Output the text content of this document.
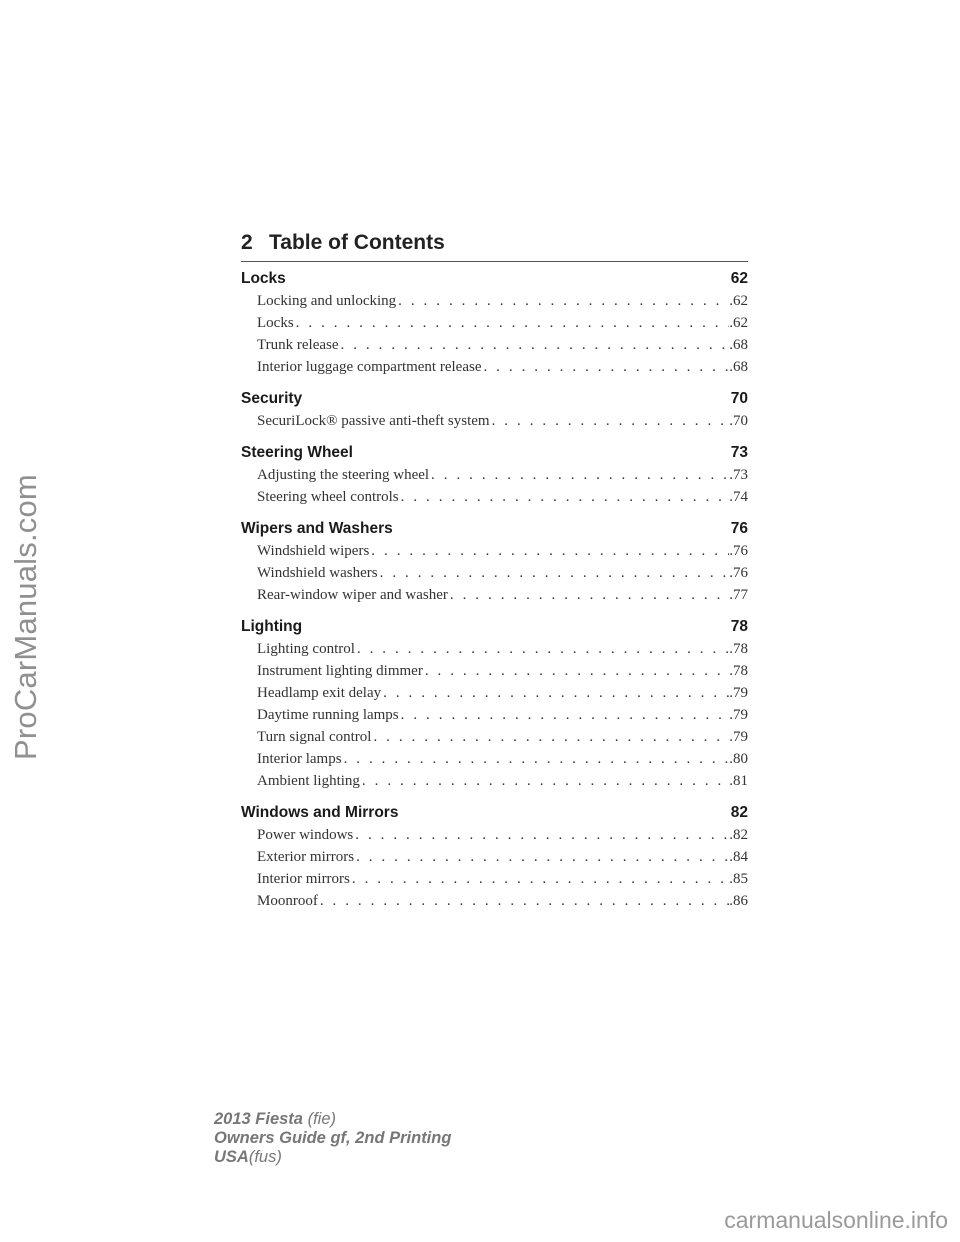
ProCarManuals.com
2 Table of Contents
Locks	62
Locking and unlocking . . .	.62
Locks . . .	.62
Trunk release . . .	.68
Interior luggage compartment release . . .	.68
Security	70
SecuriLock® passive anti-theft system . . .	.70
Steering Wheel	73
Adjusting the steering wheel . . .	.73
Steering wheel controls . . .	.74
Wipers and Washers	76
Windshield wipers . . .	.76
Windshield washers . . .	.76
Rear-window wiper and washer . . .	.77
Lighting	78
Lighting control . . .	.78
Instrument lighting dimmer . . .	.78
Headlamp exit delay . . .	.79
Daytime running lamps . . .	.79
Turn signal control . . .	.79
Interior lamps . . .	.80
Ambient lighting . . .	.81
Windows and Mirrors	82
Power windows . . .	.82
Exterior mirrors . . .	.84
Interior mirrors . . .	.85
Moonroof . . .	.86
2013 Fiesta (fie)
Owners Guide gf, 2nd Printing
USA(fus)
carmanualsonline.info
